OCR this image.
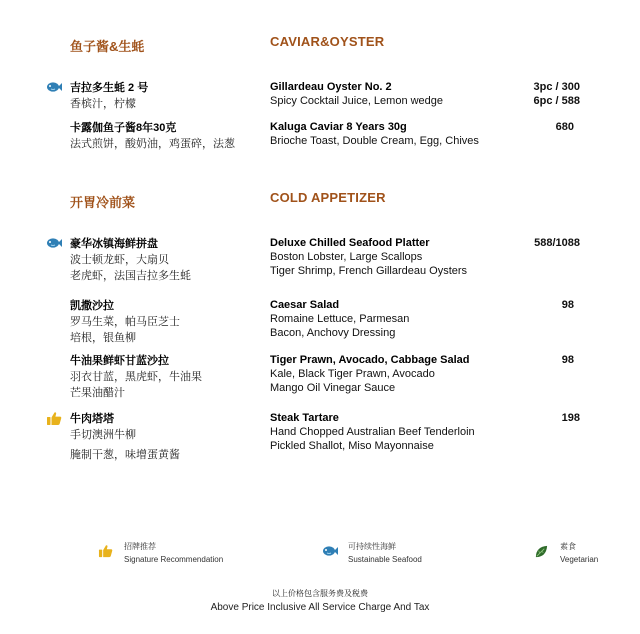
鱼子酱&生蚝	CAVIAR&OYSTER
吉拉多生蚝 2 号
香槟汁，柠檬
Gillardeau Oyster No. 2
Spicy Cocktail Juice, Lemon wedge
3pc / 300
6pc / 588
卡露伽鱼子酱8年30克
法式煎饼，酸奶油，鸡蛋碎，法葱
Kaluga Caviar 8 Years 30g
Brioche Toast, Double Cream, Egg, Chives
680
开胃冷前菜	COLD APPETIZER
豪华冰镇海鲜拼盘
波士顿龙虾，大扇贝
老虎虾，法国吉拉多生蚝
Deluxe Chilled Seafood Platter
Boston Lobster, Large Scallops
Tiger Shrimp, French Gillardeau Oysters
588/1088
凯撒沙拉
罗马生菜，帕马臣芝士
培根，银鱼柳
Caesar Salad
Romaine Lettuce, Parmesan
Bacon, Anchovy Dressing
98
牛油果鲜虾甘蓝沙拉
羽衣甘蓝，黑虎虾，牛油果
芒果油醋汁
Tiger Prawn, Avocado, Cabbage Salad
Kale, Black Tiger Prawn, Avocado
Mango Oil Vinegar Sauce
98
牛肉塔塔
手切澳洲牛柳
腌制干葱，味增蛋黄酱
Steak Tartare
Hand Chopped Australian Beef Tenderloin
Pickled Shallot, Miso Mayonnaise
198
招牌推荐
Signature Recommendation
可持续性海鲜
Sustainable Seafood
素食
Vegetarian
以上价格包含服务费及税费
Above Price Inclusive All Service Charge And Tax
